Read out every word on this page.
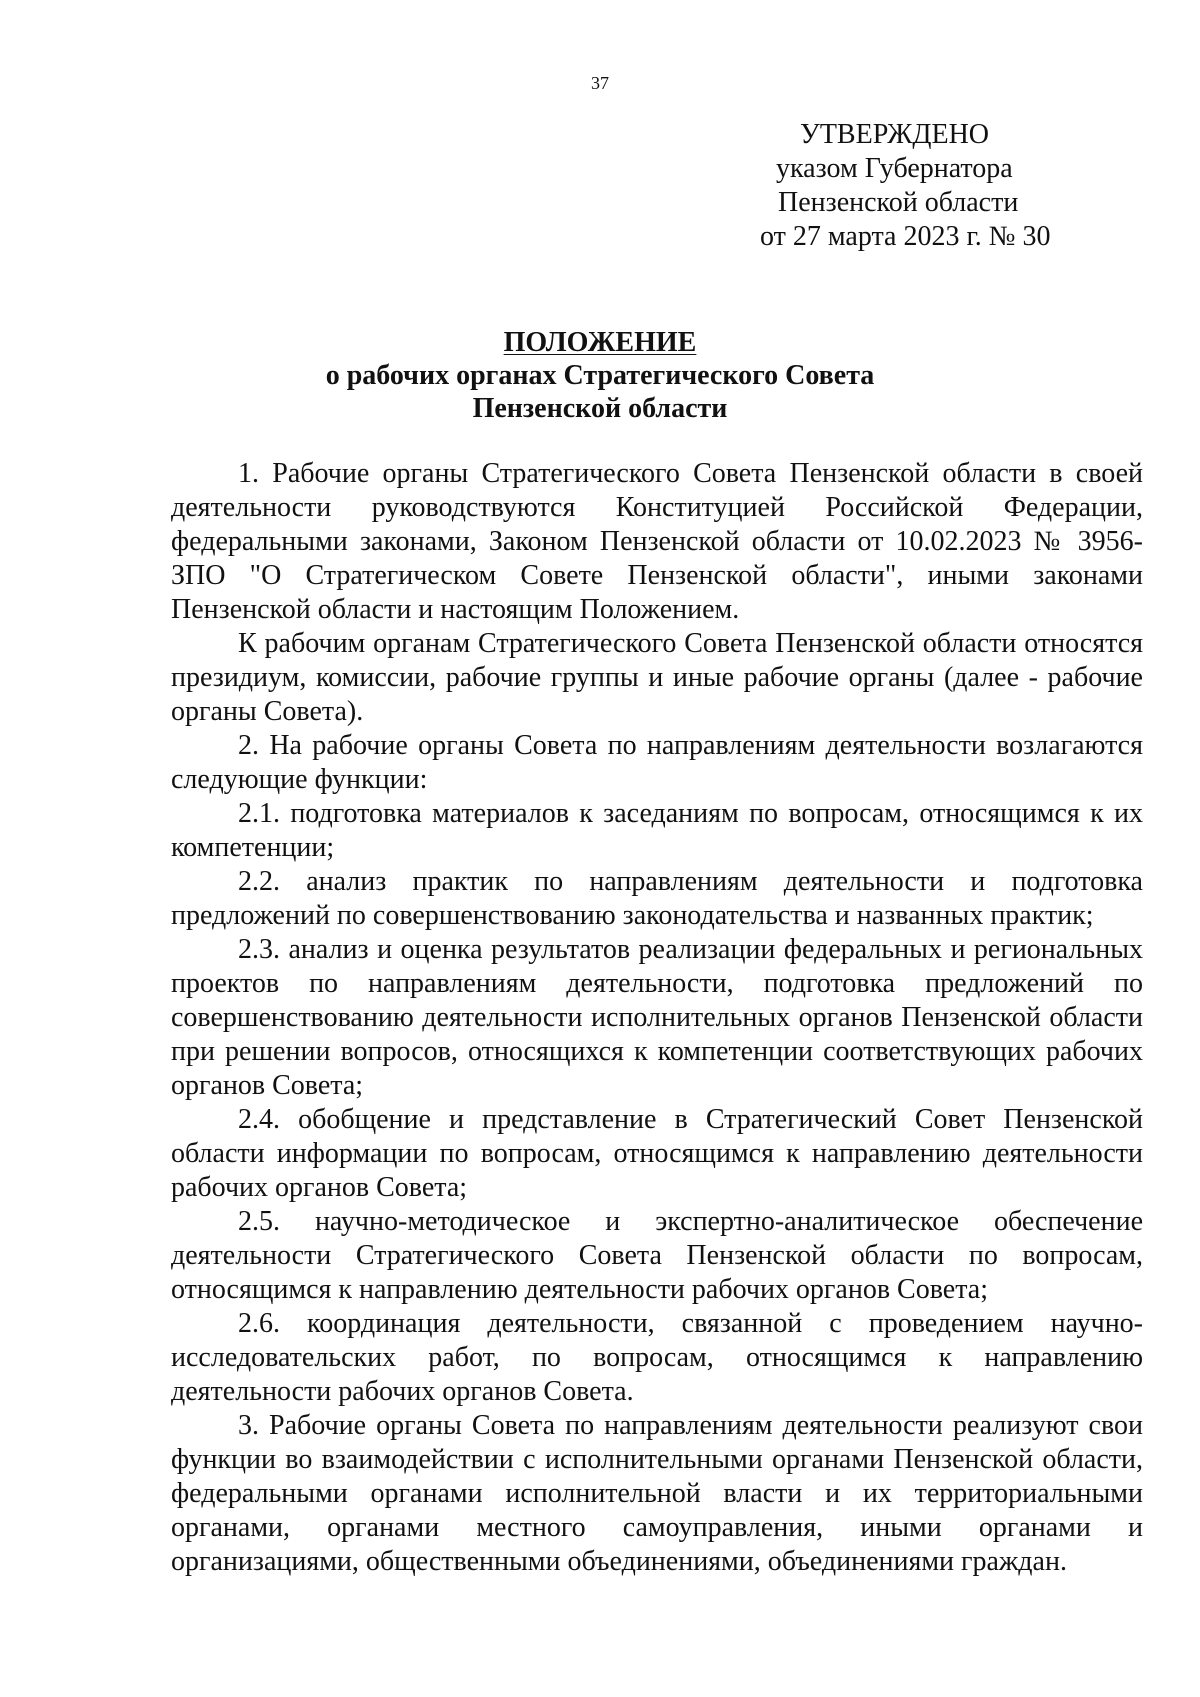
37
УТВЕРЖДЕНО
указом Губернатора
Пензенской области
от 27 марта 2023 г. № 30
ПОЛОЖЕНИЕ
о рабочих органах Стратегического Совета
Пензенской области

1. Рабочие органы Стратегического Совета Пензенской области в своей деятельности руководствуются Конституцией Российской Федерации, федеральными законами, Законом Пензенской области от 10.02.2023 № 3956-ЗПО "О Стратегическом Совете Пензенской области", иными законами Пензенской области и настоящим Положением.

К рабочим органам Стратегического Совета Пензенской области относятся президиум, комиссии, рабочие группы и иные рабочие органы (далее - рабочие органы Совета).

2. На рабочие органы Совета по направлениям деятельности возлагаются следующие функции:

2.1. подготовка материалов к заседаниям по вопросам, относящимся к их компетенции;

2.2. анализ практик по направлениям деятельности и подготовка предложений по совершенствованию законодательства и названных практик;

2.3. анализ и оценка результатов реализации федеральных и региональных проектов по направлениям деятельности, подготовка предложений по совершенствованию деятельности исполнительных органов Пензенской области при решении вопросов, относящихся к компетенции соответствующих рабочих органов Совета;

2.4. обобщение и представление в Стратегический Совет Пензенской области информации по вопросам, относящимся к направлению деятельности рабочих органов Совета;

2.5. научно-методическое и экспертно-аналитическое обеспечение деятельности Стратегического Совета Пензенской области по вопросам, относящимся к направлению деятельности рабочих органов Совета;

2.6. координация деятельности, связанной с проведением научно-исследовательских работ, по вопросам, относящимся к направлению деятельности рабочих органов Совета.

3. Рабочие органы Совета по направлениям деятельности реализуют свои функции во взаимодействии с исполнительными органами Пензенской области, федеральными органами исполнительной власти и их территориальными органами, органами местного самоуправления, иными органами и организациями, общественными объединениями, объединениями граждан.
